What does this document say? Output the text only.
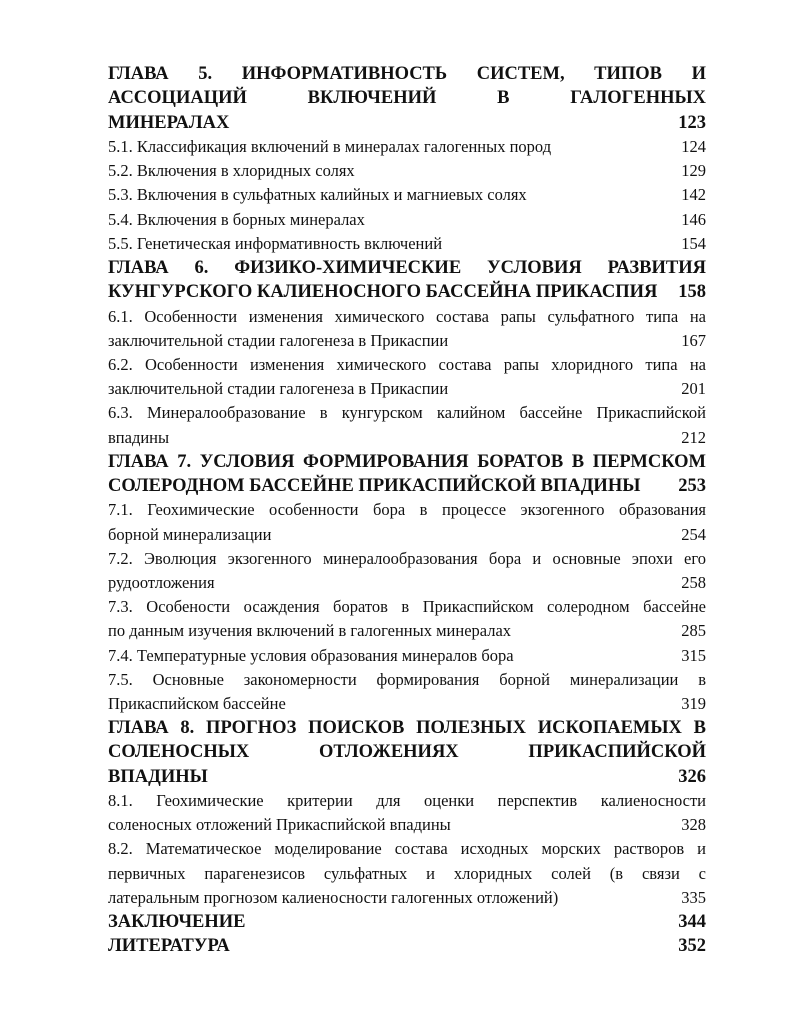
ГЛАВА 5. ИНФОРМАТИВНОСТЬ СИСТЕМ, ТИПОВ И
АССОЦИАЦИЙ ВКЛЮЧЕНИЙ В ГАЛОГЕННЫХ
МИНЕРАЛАХ	123
5.1. Классификация включений в минералах галогенных пород	124
5.2. Включения в хлоридных солях	129
5.3. Включения в сульфатных калийных и магниевых солях	142
5.4. Включения в борных минералах	146
5.5. Генетическая информативность включений	154
ГЛАВА 6. ФИЗИКО-ХИМИЧЕСКИЕ УСЛОВИЯ РАЗВИТИЯ
КУНГУРСКОГО КАЛИЕНОСНОГО БАССЕЙНА ПРИКАСПИЯ	158
6.1. Особенности изменения химического состава рапы сульфатного типа на
заключительной стадии галогенеза в Прикаспии	167
6.2. Особенности изменения химического состава рапы хлоридного типа на
заключительной стадии галогенеза в Прикаспии	201
6.3. Минералообразование в кунгурском калийном бассейне Прикаспийской
впадины	212
ГЛАВА 7. УСЛОВИЯ ФОРМИРОВАНИЯ БОРАТОВ В ПЕРМСКОМ
СОЛЕРОДНОМ БАССЕЙНЕ ПРИКАСПИЙСКОЙ ВПАДИНЫ	253
7.1. Геохимические особенности бора в процессе экзогенного образования
борной минерализации	254
7.2. Эволюция экзогенного минералообразования бора и основные эпохи его
рудоотложения	258
7.3. Особености осаждения боратов в Прикаспийском солеродном бассейне
по данным изучения включений в галогенных минералах	285
7.4. Температурные условия образования минералов бора	315
7.5. Основные закономерности формирования борной минерализации в
Прикаспийском бассейне	319
ГЛАВА 8. ПРОГНОЗ ПОИСКОВ ПОЛЕЗНЫХ ИСКОПАЕМЫХ В
СОЛЕНОСНЫХ ОТЛОЖЕНИЯХ ПРИКАСПИЙСКОЙ
ВПАДИНЫ	326
8.1. Геохимические критерии для оценки перспектив калиеносности
соленосных отложений Прикаспийской впадины	328
8.2. Математическое моделирование состава исходных морских растворов и
первичных парагенезисов сульфатных и хлоридных солей (в связи с
латеральным прогнозом калиеносности галогенных отложений)	335
ЗАКЛЮЧЕНИЕ	344
ЛИТЕРАТУРА	352
